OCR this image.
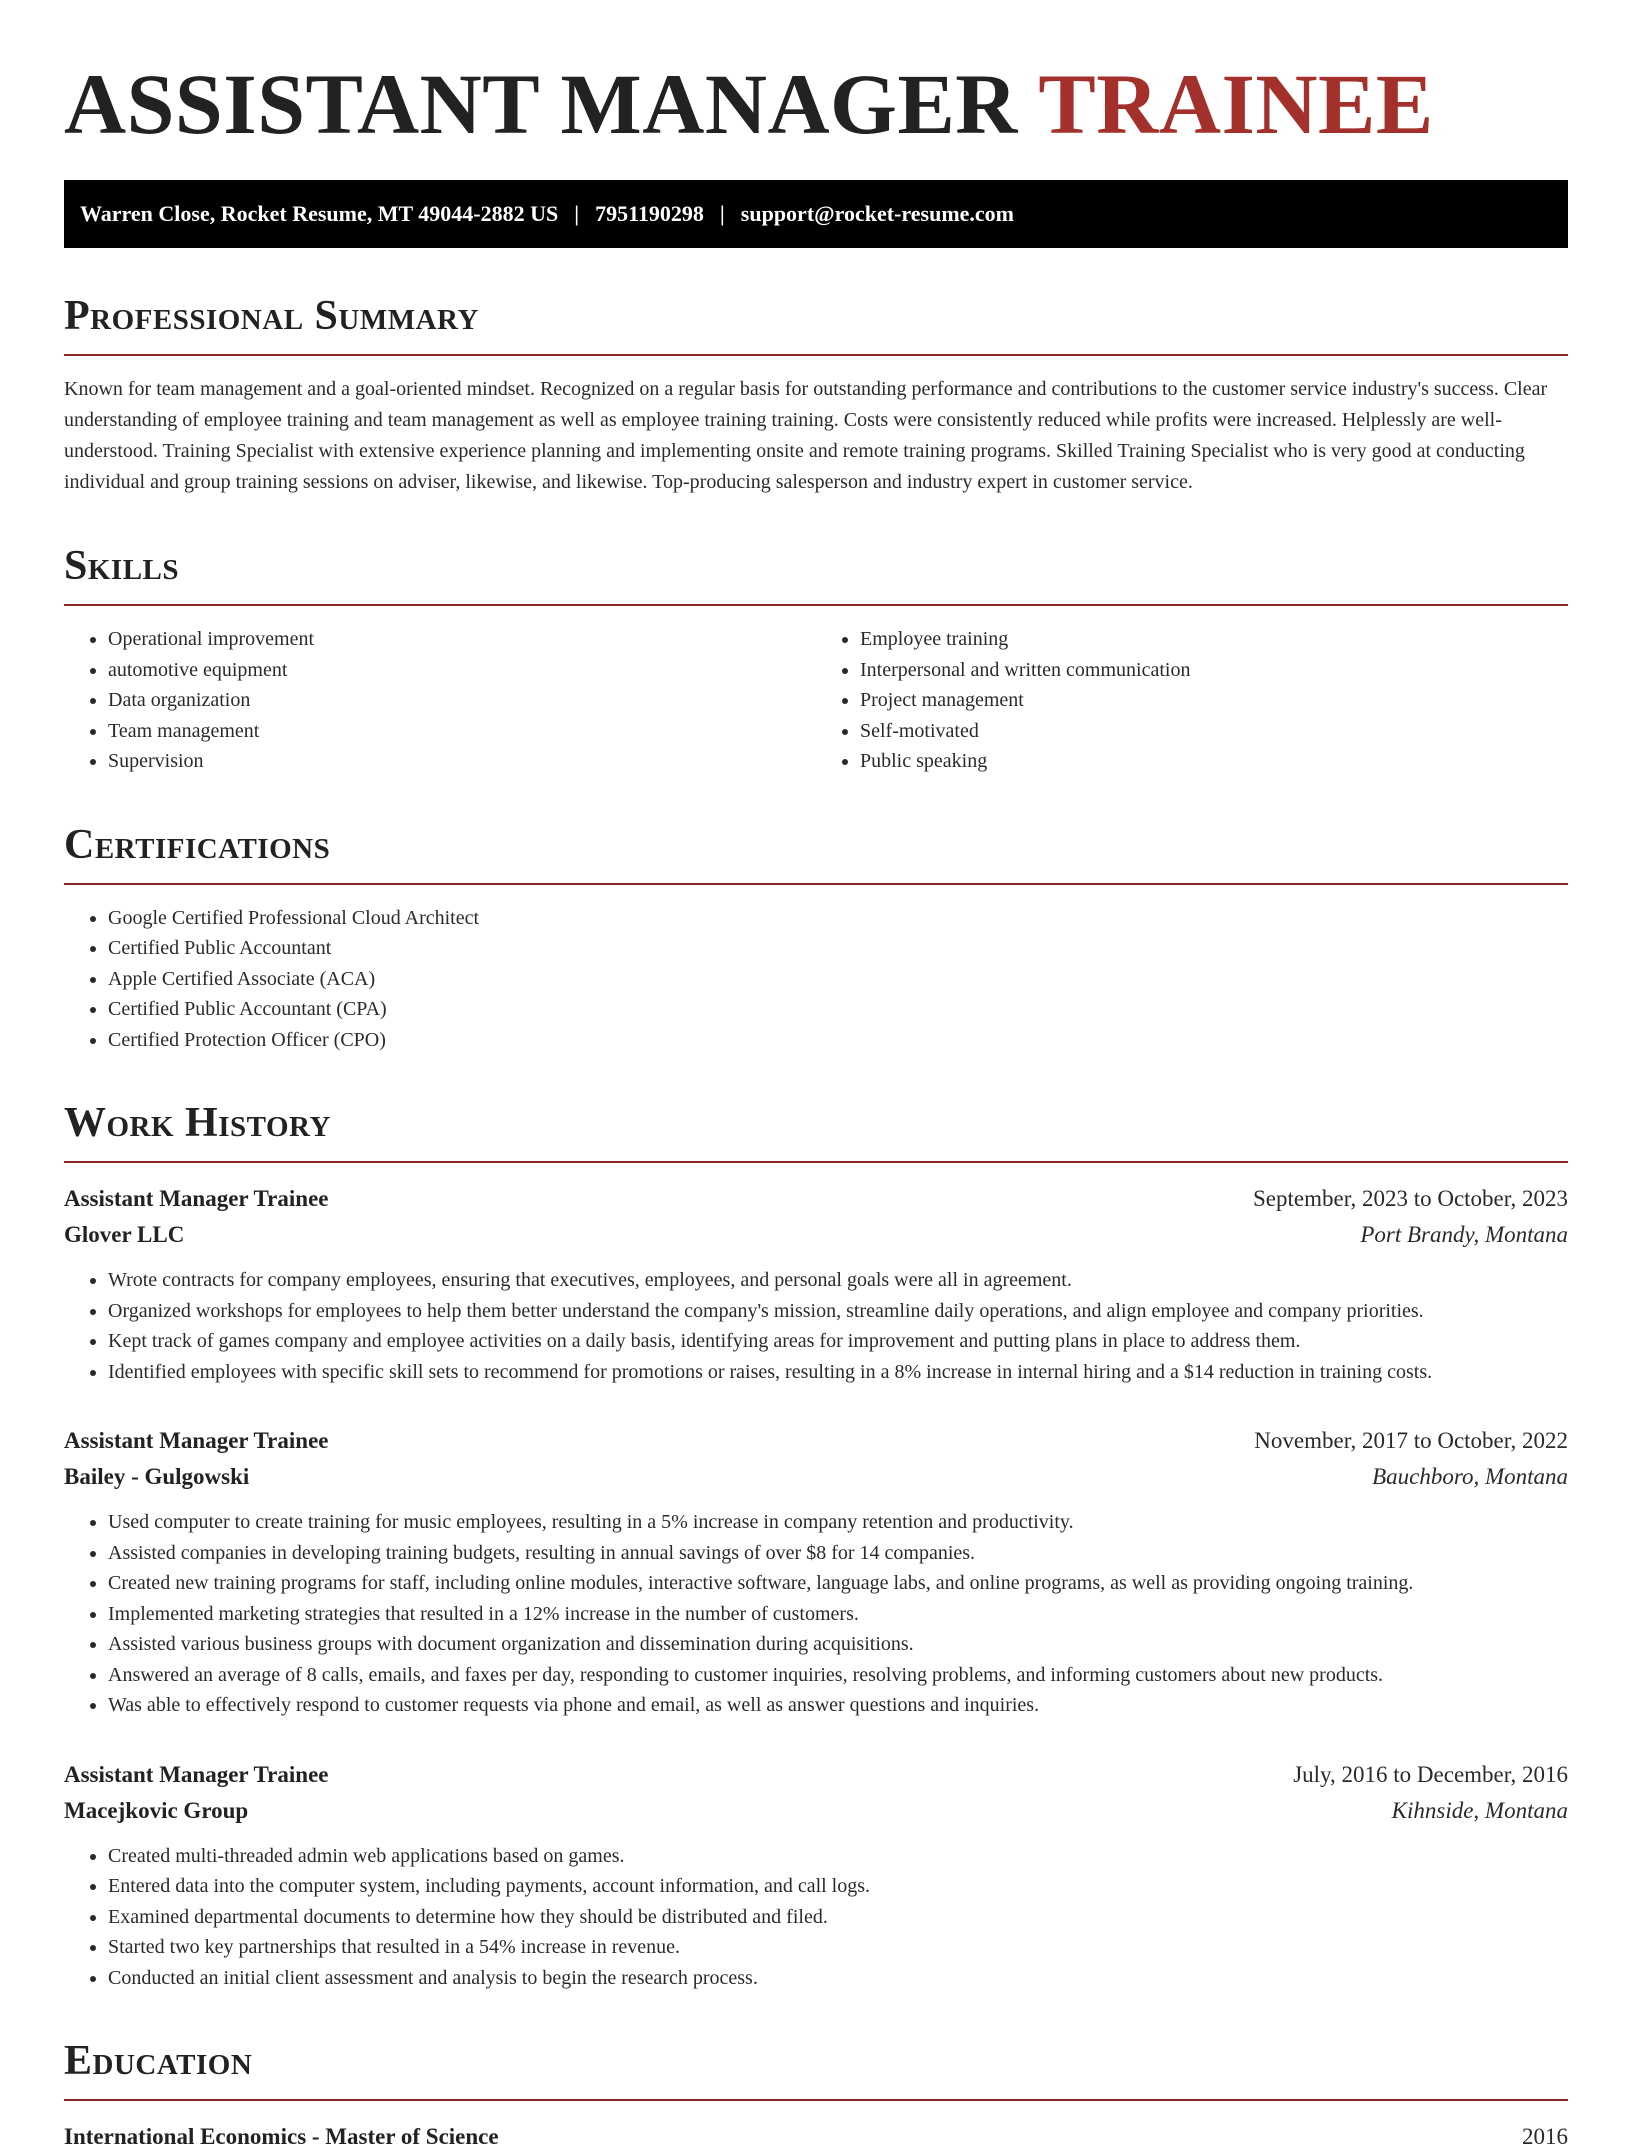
ASSISTANT MANAGER TRAINEE
Warren Close, Rocket Resume, MT 49044-2882 US | 7951190298 | support@rocket-resume.com
Professional Summary

Known for team management and a goal-oriented mindset. Recognized on a regular basis for outstanding performance and contributions to the customer service industry's success. Clear understanding of employee training and team management as well as employee training training. Costs were consistently reduced while profits were increased. Helplessly are well-understood. Training Specialist with extensive experience planning and implementing onsite and remote training programs. Skilled Training Specialist who is very good at conducting individual and group training sessions on adviser, likewise, and likewise. Top-producing salesperson and industry expert in customer service.

Skills
• Operational improvement
• automotive equipment
• Data organization
• Team management
• Supervision
• Employee training
• Interpersonal and written communication
• Project management
• Self-motivated
• Public speaking
Certifications
• Google Certified Professional Cloud Architect
• Certified Public Accountant
• Apple Certified Associate (ACA)
• Certified Public Accountant (CPA)
• Certified Protection Officer (CPO)
Work History
Assistant Manager Trainee	September, 2023 to October, 2023
Glover LLC	Port Brandy, Montana
• Wrote contracts for company employees, ensuring that executives, employees, and personal goals were all in agreement.
• Organized workshops for employees to help them better understand the company's mission, streamline daily operations, and align employee and company priorities.
• Kept track of games company and employee activities on a daily basis, identifying areas for improvement and putting plans in place to address them.
• Identified employees with specific skill sets to recommend for promotions or raises, resulting in a 8% increase in internal hiring and a $14 reduction in training costs.
Assistant Manager Trainee	November, 2017 to October, 2022
Bailey - Gulgowski	Bauchboro, Montana
• Used computer to create training for music employees, resulting in a 5% increase in company retention and productivity.
• Assisted companies in developing training budgets, resulting in annual savings of over $8 for 14 companies.
• Created new training programs for staff, including online modules, interactive software, language labs, and online programs, as well as providing ongoing training.
• Implemented marketing strategies that resulted in a 12% increase in the number of customers.
• Assisted various business groups with document organization and dissemination during acquisitions.
• Answered an average of 8 calls, emails, and faxes per day, responding to customer inquiries, resolving problems, and informing customers about new products.
• Was able to effectively respond to customer requests via phone and email, as well as answer questions and inquiries.
Assistant Manager Trainee	July, 2016 to December, 2016
Macejkovic Group	Kihnside, Montana
• Created multi-threaded admin web applications based on games.
• Entered data into the computer system, including payments, account information, and call logs.
• Examined departmental documents to determine how they should be distributed and filed.
• Started two key partnerships that resulted in a 54% increase in revenue.
• Conducted an initial client assessment and analysis to begin the research process.
Education
International Economics - Master of Science	2016
